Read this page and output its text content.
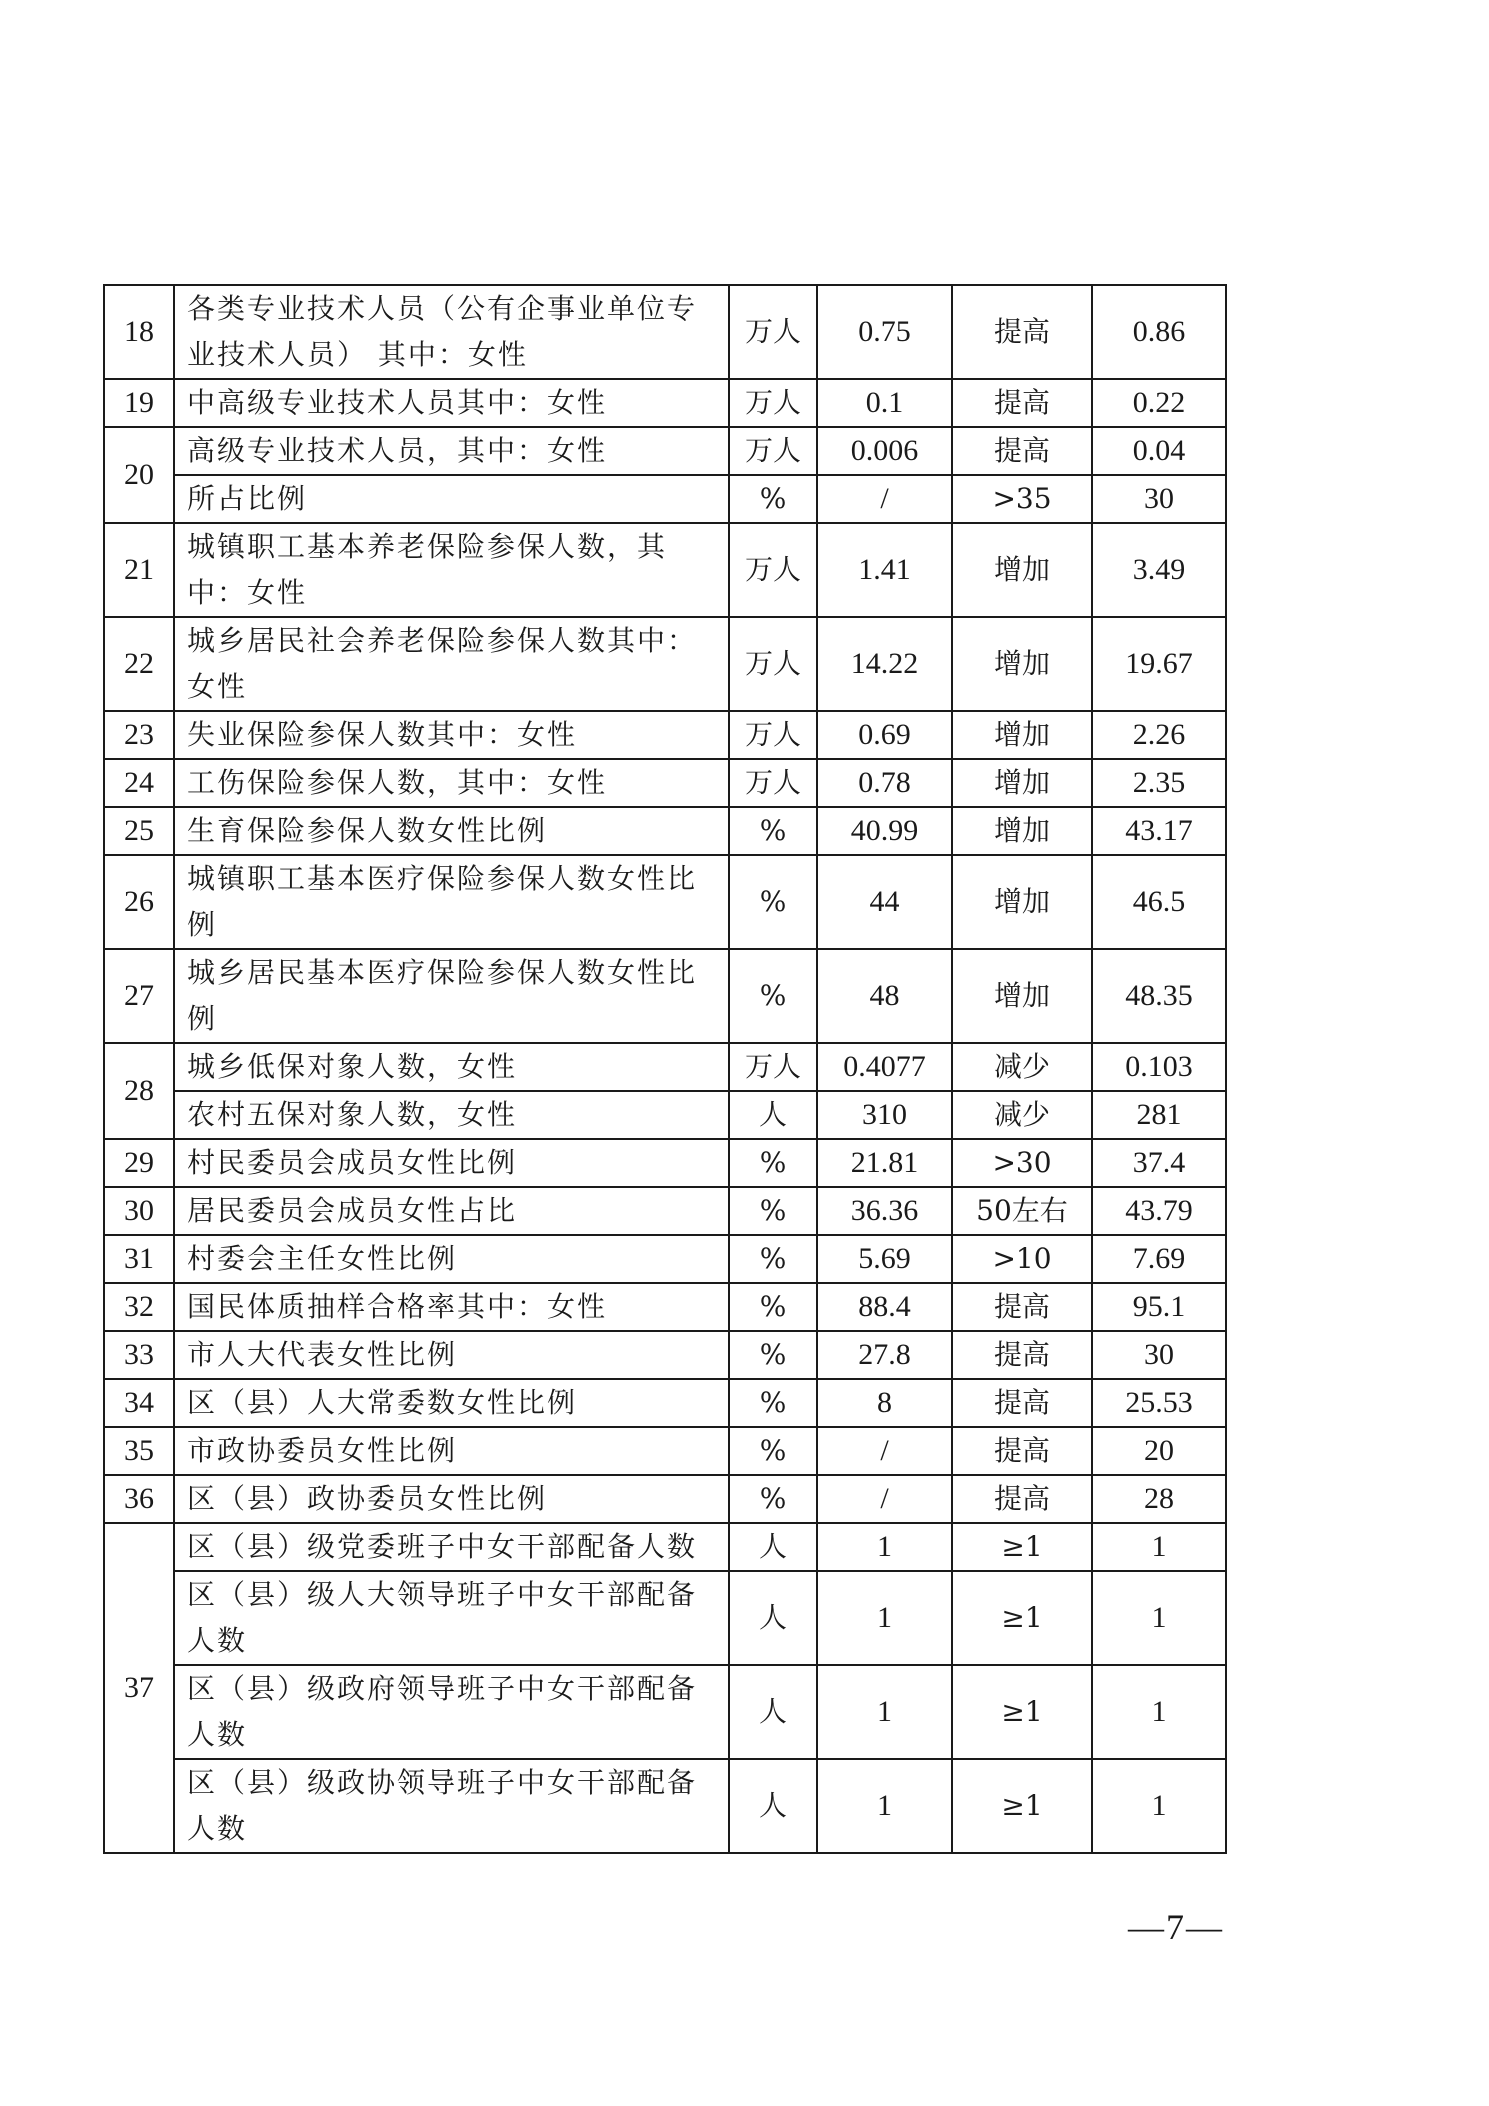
18	各类专业技术人员（公有企事业单位专业技术人员） 其中：女性	万人	0.75	提高	0.86
19	中高级专业技术人员其中：女性	万人	0.1	提高	0.22
20	高级专业技术人员，其中：女性	万人	0.006	提高	0.04
	所占比例	%	/	>35	30
21	城镇职工基本养老保险参保人数，其中：女性	万人	1.41	增加	3.49
22	城乡居民社会养老保险参保人数其中：女性	万人	14.22	增加	19.67
23	失业保险参保人数其中：女性	万人	0.69	增加	2.26
24	工伤保险参保人数，其中：女性	万人	0.78	增加	2.35
25	生育保险参保人数女性比例	%	40.99	增加	43.17
26	城镇职工基本医疗保险参保人数女性比例	%	44	增加	46.5
27	城乡居民基本医疗保险参保人数女性比例	%	48	增加	48.35
28	城乡低保对象人数，女性	万人	0.4077	减少	0.103
	农村五保对象人数，女性	人	310	减少	281
29	村民委员会成员女性比例	%	21.81	>30	37.4
30	居民委员会成员女性占比	%	36.36	50左右	43.79
31	村委会主任女性比例	%	5.69	>10	7.69
32	国民体质抽样合格率其中：女性	%	88.4	提高	95.1
33	市人大代表女性比例	%	27.8	提高	30
34	区（县）人大常委数女性比例	%	8	提高	25.53
35	市政协委员女性比例	%	/	提高	20
36	区（县）政协委员女性比例	%	/	提高	28
37	区（县）级党委班子中女干部配备人数	人	1	≥1	1
	区（县）级人大领导班子中女干部配备人数	人	1	≥1	1
	区（县）级政府领导班子中女干部配备人数	人	1	≥1	1
	区（县）级政协领导班子中女干部配备人数	人	1	≥1	1
—7—
